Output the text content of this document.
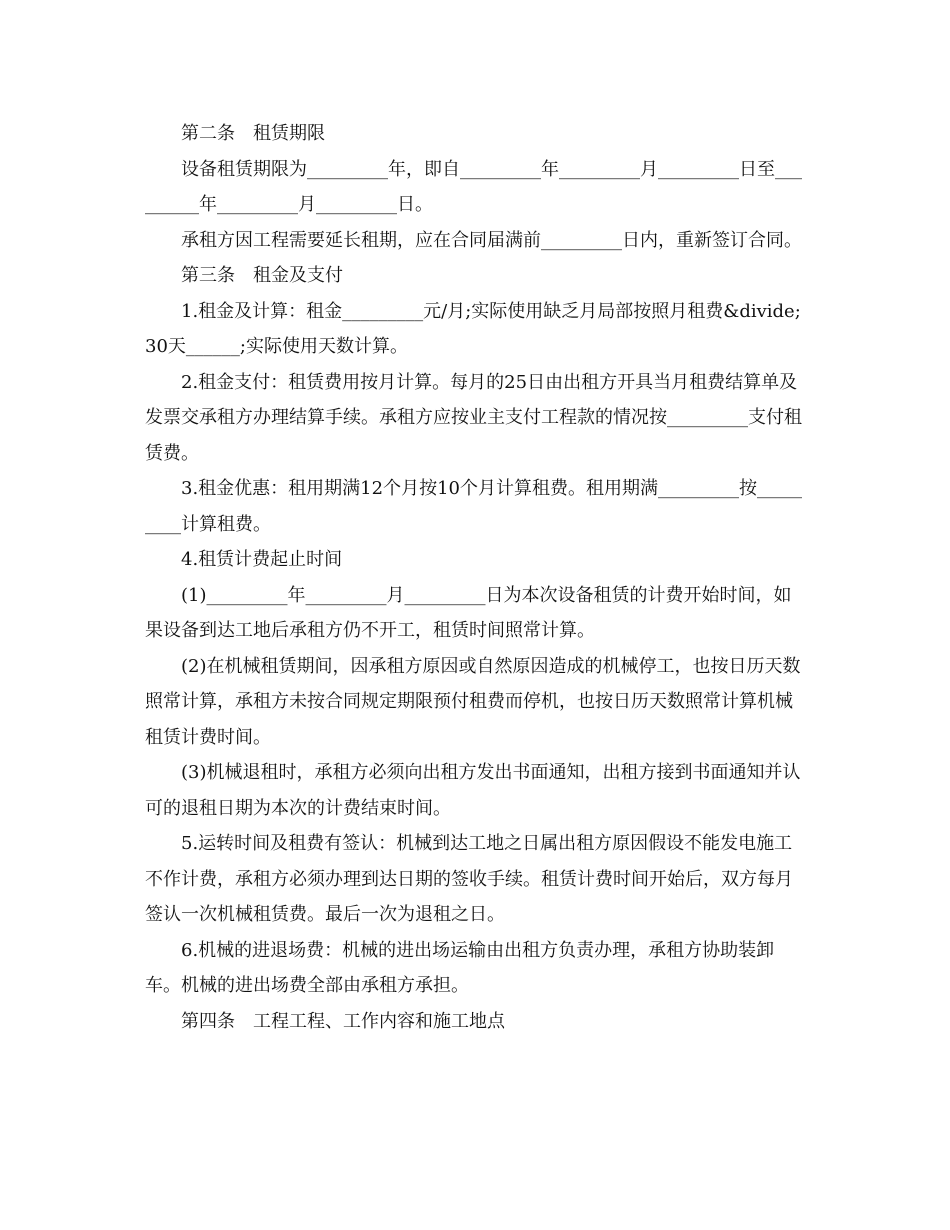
第二条　租赁期限

设备租赁期限为_________年，即自_________年_________月_________日至_________年_________月_________日。

承租方因工程需要延长租期，应在合同届满前_________日内，重新签订合同。

第三条　租金及支付

1.租金及计算：租金_________元/月;实际使用缺乏月局部按照月租费&divide;30天______;实际使用天数计算。

2.租金支付：租赁费用按月计算。每月的25日由出租方开具当月租费结算单及发票交承租方办理结算手续。承租方应按业主支付工程款的情况按_________支付租赁费。

3.租金优惠：租用期满12个月按10个月计算租费。租用期满_________按_________计算租费。

4.租赁计费起止时间

(1)_________年_________月_________日为本次设备租赁的计费开始时间，如果设备到达工地后承租方仍不开工，租赁时间照常计算。

(2)在机械租赁期间，因承租方原因或自然原因造成的机械停工，也按日历天数照常计算，承租方未按合同规定期限预付租费而停机，也按日历天数照常计算机械租赁计费时间。

(3)机械退租时，承租方必须向出租方发出书面通知，出租方接到书面通知并认可的退租日期为本次的计费结束时间。

5.运转时间及租费有签认：机械到达工地之日属出租方原因假设不能发电施工不作计费，承租方必须办理到达日期的签收手续。租赁计费时间开始后，双方每月签认一次机械租赁费。最后一次为退租之日。

6.机械的进退场费：机械的进出场运输由出租方负责办理，承租方协助装卸车。机械的进出场费全部由承租方承担。

第四条　工程工程、工作内容和施工地点
